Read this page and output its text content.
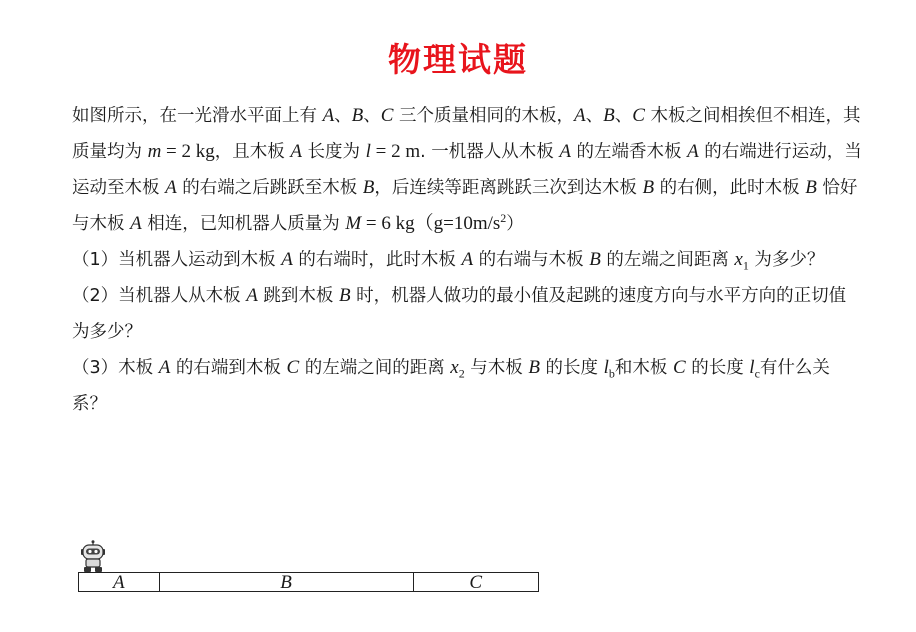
物理试题

如图所示，在一光滑水平面上有 A、B、C 三个质量相同的木板，A、B、C 木板之间相挨但不相连，其质量均为 m = 2 kg，且木板 A 长度为 l = 2 m. 一机器人从木板 A 的左端香木板 A 的右端进行运动，当运动至木板 A 的右端之后跳跃至木板 B，后连续等距离跳跃三次到达木板 B 的右侧，此时木板 B 恰好与木板 A 相连，已知机器人质量为 M = 6 $kg(g=10m/s^2)$

（1）当机器人运动到木板 A 的右端时，此时木板 A 的右端与木板 B 的左端之间距离 $x_1$ 为多少？

（2）当机器人从木板 A 跳到木板 B 时，机器人做功的最小值及起跳的速度方向与水平方向的正切值为多少？

（3）木板 A 的右端到木板 C 的左端之间的距离 $x_2$ 与木板 B 的长度 $l_b$和木板 C 的长度 $l_c$有什么关系？

A	B	C
